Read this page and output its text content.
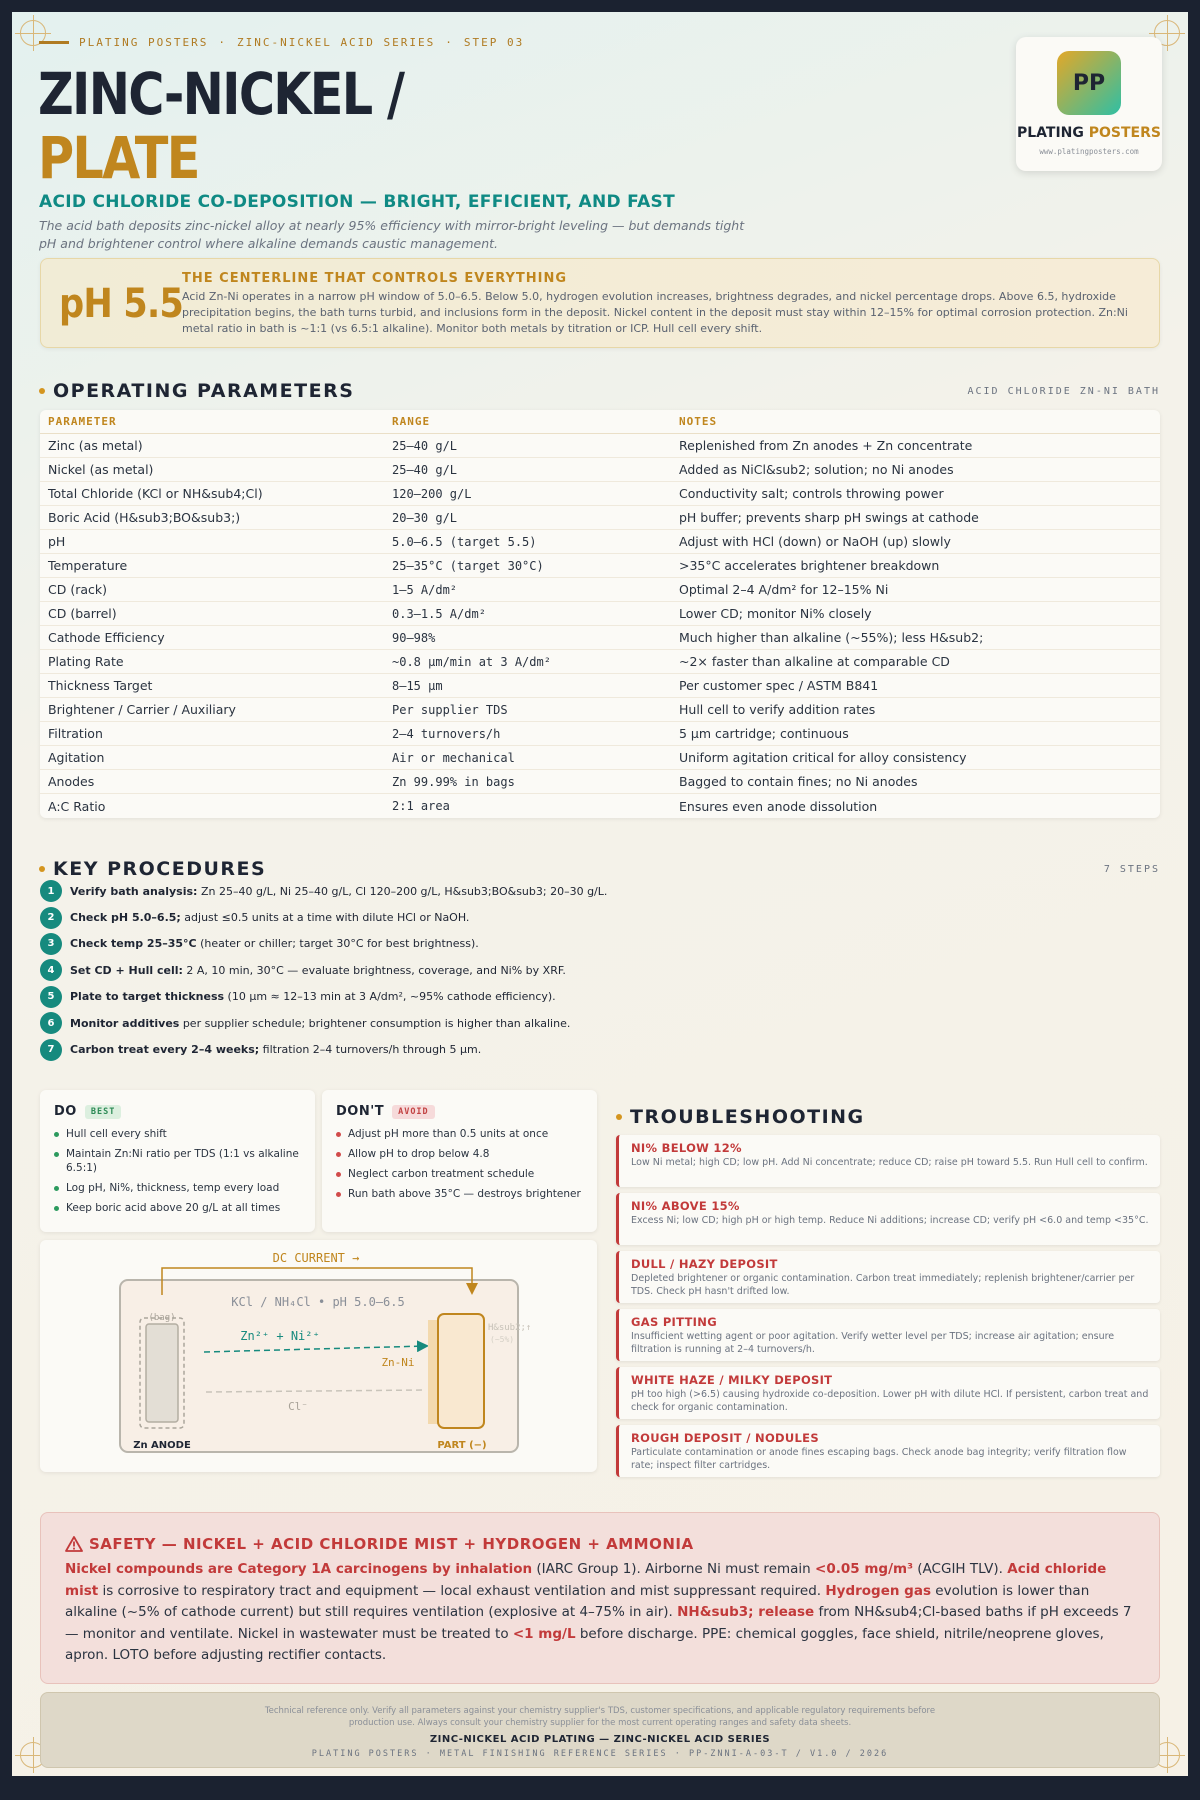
PLATING POSTERS · ZINC-NICKEL ACID SERIES · STEP 03
ZINC-NICKEL /
PLATE
ACID CHLORIDE CO-DEPOSITION — BRIGHT, EFFICIENT, AND FAST
The acid bath deposits zinc-nickel alloy at nearly 95% efficiency with mirror-bright leveling — but demands tight pH and brightener control where alkaline demands caustic management.
PP
PLATING POSTERS
www.platingposters.com
pH 5.5
THE CENTERLINE THAT CONTROLS EVERYTHING
Acid Zn-Ni operates in a narrow pH window of 5.0–6.5. Below 5.0, hydrogen evolution increases, brightness degrades, and nickel percentage drops. Above 6.5, hydroxide precipitation begins, the bath turns turbid, and inclusions form in the deposit. Nickel content in the deposit must stay within 12–15% for optimal corrosion protection. Zn:Ni metal ratio in bath is ~1:1 (vs 6.5:1 alkaline). Monitor both metals by titration or ICP. Hull cell every shift.
OPERATING PARAMETERS	ACID CHLORIDE ZN-NI BATH
PARAMETER	RANGE	NOTES
Zinc (as metal)	25–40 g/L	Replenished from Zn anodes + Zn concentrate
Nickel (as metal)	25–40 g/L	Added as NiCl&sub2; solution; no Ni anodes
Total Chloride (KCl or NH&sub4;Cl)	120–200 g/L	Conductivity salt; controls throwing power
Boric Acid (H&sub3;BO&sub3;)	20–30 g/L	pH buffer; prevents sharp pH swings at cathode
pH	5.0–6.5 (target 5.5)	Adjust with HCl (down) or NaOH (up) slowly
Temperature	25–35°C (target 30°C)	>35°C accelerates brightener breakdown
CD (rack)	1–5 A/dm²	Optimal 2–4 A/dm² for 12–15% Ni
CD (barrel)	0.3–1.5 A/dm²	Lower CD; monitor Ni% closely
Cathode Efficiency	90–98%	Much higher than alkaline (~55%); less H&sub2;
Plating Rate	~0.8 µm/min at 3 A/dm²	~2× faster than alkaline at comparable CD
Thickness Target	8–15 µm	Per customer spec / ASTM B841
Brightener / Carrier / Auxiliary	Per supplier TDS	Hull cell to verify addition rates
Filtration	2–4 turnovers/h	5 µm cartridge; continuous
Agitation	Air or mechanical	Uniform agitation critical for alloy consistency
Anodes	Zn 99.99% in bags	Bagged to contain fines; no Ni anodes
A:C Ratio	2:1 area	Ensures even anode dissolution
KEY PROCEDURES	7 STEPS
1	Verify bath analysis: Zn 25–40 g/L, Ni 25–40 g/L, Cl 120–200 g/L, H&sub3;BO&sub3; 20–30 g/L.
2	Check pH 5.0–6.5; adjust ≤0.5 units at a time with dilute HCl or NaOH.
3	Check temp 25–35°C (heater or chiller; target 30°C for best brightness).
4	Set CD + Hull cell: 2 A, 10 min, 30°C — evaluate brightness, coverage, and Ni% by XRF.
5	Plate to target thickness (10 µm ≈ 12–13 min at 3 A/dm², ~95% cathode efficiency).
6	Monitor additives per supplier schedule; brightener consumption is higher than alkaline.
7	Carbon treat every 2–4 weeks; filtration 2–4 turnovers/h through 5 µm.
DO	BEST
Hull cell every shift
Maintain Zn:Ni ratio per TDS (1:1 vs alkaline 6.5:1)
Log pH, Ni%, thickness, temp every load
Keep boric acid above 20 g/L at all times
DON'T	AVOID
Adjust pH more than 0.5 units at once
Allow pH to drop below 4.8
Neglect carbon treatment schedule
Run bath above 35°C — destroys brightener
DC CURRENT →
KCl / NH₄Cl • pH 5.0–6.5
(bag)
Zn²⁺ + Ni²⁺
Zn-Ni
Cl⁻
H&sub2;↑
(~5%)
Zn ANODE	PART (−)
TROUBLESHOOTING
NI% BELOW 12%
Low Ni metal; high CD; low pH. Add Ni concentrate; reduce CD; raise pH toward 5.5. Run Hull cell to confirm.
NI% ABOVE 15%
Excess Ni; low CD; high pH or high temp. Reduce Ni additions; increase CD; verify pH <6.0 and temp <35°C.
DULL / HAZY DEPOSIT
Depleted brightener or organic contamination. Carbon treat immediately; replenish brightener/carrier per TDS. Check pH hasn't drifted low.
GAS PITTING
Insufficient wetting agent or poor agitation. Verify wetter level per TDS; increase air agitation; ensure filtration is running at 2–4 turnovers/h.
WHITE HAZE / MILKY DEPOSIT
pH too high (>6.5) causing hydroxide co-deposition. Lower pH with dilute HCl. If persistent, carbon treat and check for organic contamination.
ROUGH DEPOSIT / NODULES
Particulate contamination or anode fines escaping bags. Check anode bag integrity; verify filtration flow rate; inspect filter cartridges.
SAFETY — NICKEL + ACID CHLORIDE MIST + HYDROGEN + AMMONIA
Nickel compounds are Category 1A carcinogens by inhalation (IARC Group 1). Airborne Ni must remain <0.05 mg/m³ (ACGIH TLV). Acid chloride mist is corrosive to respiratory tract and equipment — local exhaust ventilation and mist suppressant required. Hydrogen gas evolution is lower than alkaline (~5% of cathode current) but still requires ventilation (explosive at 4–75% in air). NH&sub3; release from NH&sub4;Cl-based baths if pH exceeds 7 — monitor and ventilate. Nickel in wastewater must be treated to <1 mg/L before discharge. PPE: chemical goggles, face shield, nitrile/neoprene gloves, apron. LOTO before adjusting rectifier contacts.
Technical reference only. Verify all parameters against your chemistry supplier's TDS, customer specifications, and applicable regulatory requirements before production use. Always consult your chemistry supplier for the most current operating ranges and safety data sheets.
ZINC-NICKEL ACID PLATING — ZINC-NICKEL ACID SERIES
PLATING POSTERS · METAL FINISHING REFERENCE SERIES · PP-ZNNI-A-03-T / V1.0 / 2026
